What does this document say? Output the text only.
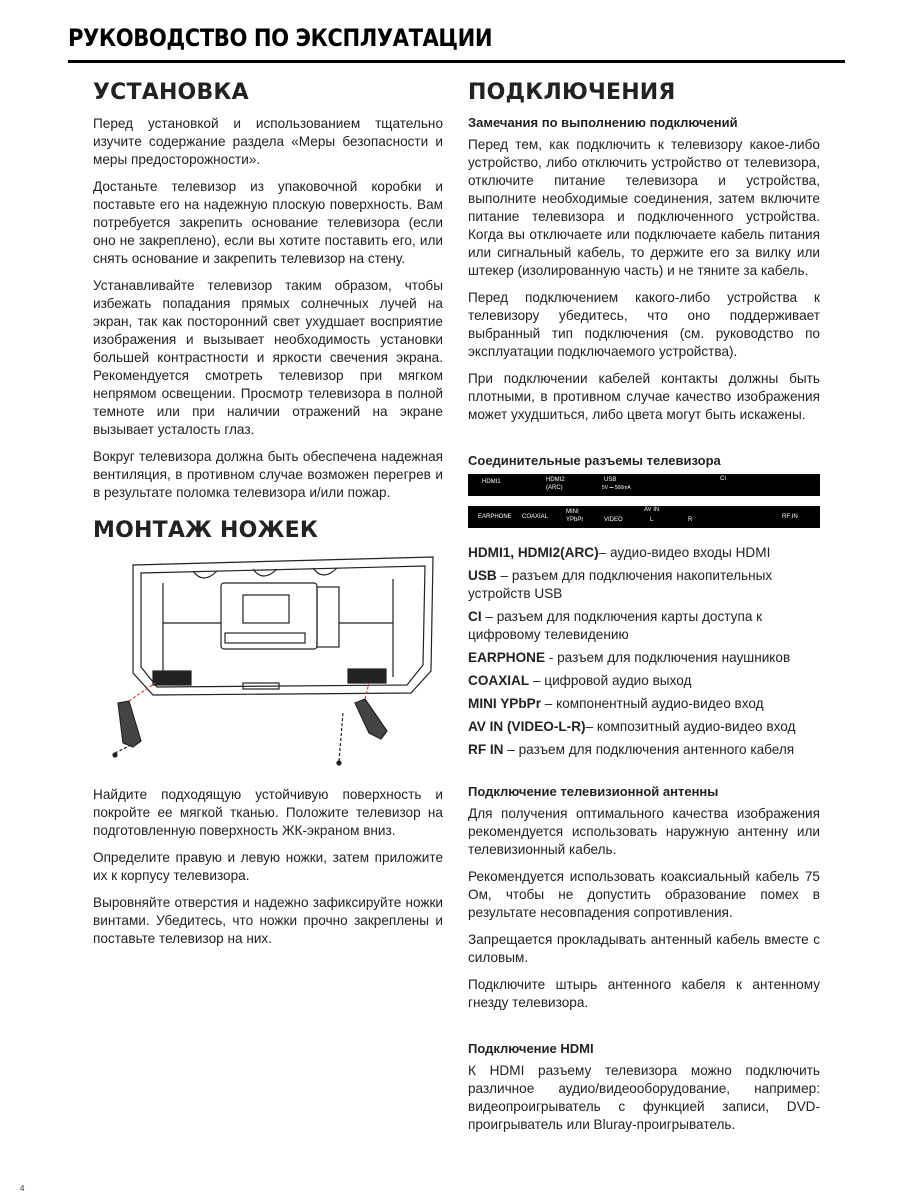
РУКОВОДСТВО ПО ЭКСПЛУАТАЦИИ
УСТАНОВКА

Перед установкой и использованием тщательно изучите содержание раздела «Меры безопасности и меры предосторожности».

Достаньте телевизор из упаковочной коробки и поставьте его на надежную плоскую поверхность. Вам потребуется закрепить основание телевизора (если оно не закреплено), если вы хотите поставить его, или снять основание и закрепить телевизор на стену.

Устанавливайте телевизор таким образом, чтобы избежать попадания прямых солнечных лучей на экран, так как посторонний свет ухудшает восприятие изображения и вызывает необходимость установки большей контрастности и яркости свечения экрана. Рекомендуется смотреть телевизор при мягком непрямом освещении. Просмотр телевизора в полной темноте или при наличии отражений на экране вызывает усталость глаз.

Вокруг телевизора должна быть обеспечена надежная вентиляция, в противном случае возможен перегрев и в результате поломка телевизора и/или пожар.

МОНТАЖ НОЖЕК

Найдите подходящую устойчивую поверхность и покройте ее мягкой тканью. Положите телевизор на подготовленную поверхность ЖК-экраном вниз.

Определите правую и левую ножки, затем приложите их к корпусу телевизора.

Выровняйте отверстия и надежно зафиксируйте ножки винтами. Убедитесь, что ножки прочно закреплены и поставьте телевизор на них.

ПОДКЛЮЧЕНИЯ
Замечания по выполнению подключений

Перед тем, как подключить к телевизору какое-либо устройство, либо отключить устройство от телевизора, отключите питание телевизора и устройства, выполните необходимые соединения, затем включите питание телевизора и подключенного устройства. Когда вы отключаете или подключаете кабель питания или сигнальный кабель, то держите его за вилку или штекер (изолированную часть) и не тяните за кабель.

Перед подключением какого-либо устройства к телевизору убедитесь, что оно поддерживает выбранный тип подключения (см. руководство по эксплуатации подключаемого устройства).

При подключении кабелей контакты должны быть плотными, в противном случае качество изображения может ухудшиться, либо цвета могут быть искажены.

Соединительные разъемы телевизора
HDMI1	HDMI2
(ARC)
USB
5V ⎓ 500mA
CI
EARPHONE COAXIAL
MINI
YPbPr
AV IN
VIDEO	L	R	RF IN

HDMI1, HDMI2(ARC)– аудио-видео входы HDMI

USB – разъем для подключения накопительных устройств USB

CI – разъем для подключения карты доступа к цифровому телевидению

EARPHONE - разъем для подключения наушников

COAXIAL – цифровой аудио выход

MINI YPbPr – компонентный аудио-видео вход

AV IN (VIDEO-L-R)– композитный аудио-видео вход

RF IN – разъем для подключения антенного кабеля

Подключение телевизионной антенны

Для получения оптимального качества изображения рекомендуется использовать наружную антенну или телевизионный кабель.

Рекомендуется использовать коаксиальный кабель 75 Ом, чтобы не допустить образование помех в результате несовпадения сопротивления.

Запрещается прокладывать антенный кабель вместе с силовым.

Подключите штырь антенного кабеля к антенному гнезду телевизора.

Подключение HDMI

К HDMI разъему телевизора можно подключить различное аудио/видеооборудование, например: видеопроигрыватель с функцией записи, DVD-проигрыватель или Bluray-проигрыватель.

4
